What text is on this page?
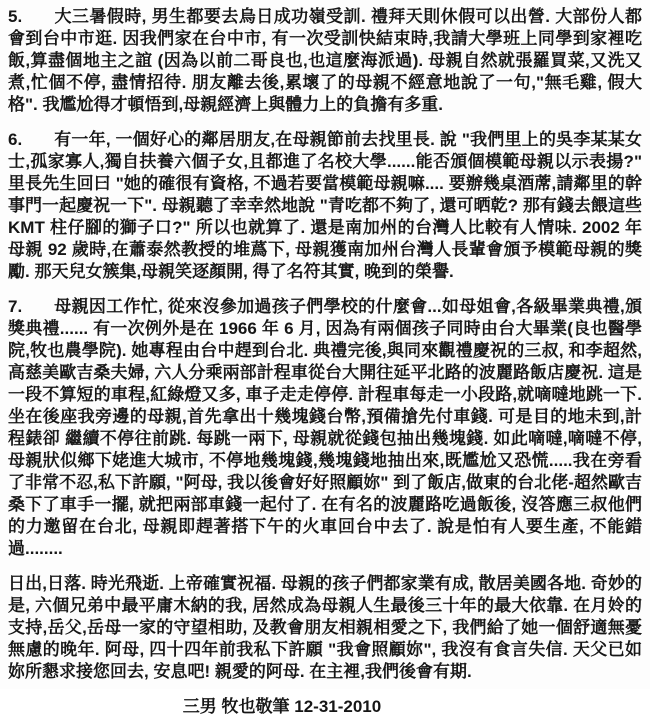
5. 大三暑假時, 男生都要去烏日成功嶺受訓. 禮拜天則休假可以出營. 大部份人都會到台中市逛. 因我們家在台中市, 有一次受訓快結束時,我請大學班上同學到家裡吃飯,算盡個地主之誼 (因為以前二哥良也,也這麼海派過). 母親自然就張羅買菜,又洗又煮,忙個不停, 盡情招待. 朋友離去後,累壞了的母親不經意地說了一句,"無毛雞, 假大格". 我尷尬得才頓悟到,母親經濟上與體力上的負擔有多重.
6. 有一年, 一個好心的鄰居朋友,在母親節前去找里長. 說 "我們里上的吳李某某女士,孤家寡人,獨自扶養六個子女,且都進了名校大學......能否頒個模範母親以示表揚?" 里長先生回曰 "她的確很有資格, 不過若要當模範母親嘛.... 要辦幾桌酒蓆,請鄰里的幹事門一起慶祝一下". 母親聽了幸幸然地說 "青吃都不夠了, 還可晒乾? 那有錢去餵這些KMT 柱仔腳的獅子口?" 所以也就算了. 還是南加州的台灣人比較有人情味. 2002 年母親 92 歲時,在蕭泰然教授的堆蔿下, 母親獲南加州台灣人長輩會頒予模範母親的獎勵. 那天兒女簇集,母親笑逐顏開, 得了名符其實, 晚到的榮譽.
7. 母親因工作忙, 從來沒參加過孩子們學校的什麼會...如母姐會,各級畢業典禮,頒獎典禮...... 有一次例外是在 1966 年 6 月, 因為有兩個孩子同時由台大畢業(良也醫學院,牧也農學院). 她專程由台中趕到台北. 典禮完後,與同來觀禮慶祝的三叔, 和李超然,高慈美歐吉桑夫婦, 六人分乘兩部計程車從台大開往延平北路的波麗路飯店慶祝. 這是一段不算短的車程,紅綠燈又多, 車子走走停停. 計程車每走一小段路,就嘀噠地跳一下. 坐在後座我旁邊的母親,首先拿出十幾塊錢台幣,預備搶先付車錢. 可是目的地未到,計程錶卻 繼續不停往前跳. 每跳一兩下, 母親就從錢包抽出幾塊錢. 如此嘀噠,嘀噠不停,母親狀似鄉下姥進大城市, 不停地幾塊錢,幾塊錢地抽出來,既尷尬又恐慌.....我在旁看了非常不忍,私下許願, "阿母, 我以後會好好照顧妳" 到了飯店,做東的台北佬-超然歐吉桑下了車手一擺, 就把兩部車錢一起付了. 在有名的波麗路吃過飯後, 沒答應三叔他們的力邀留在台北, 母親即趕著搭下午的火車回台中去了. 說是怕有人要生產, 不能錯過........
日出,日落. 時光飛逝. 上帝確實祝福. 母親的孩子們都家業有成, 散居美國各地. 奇妙的是, 六個兄弟中最平庸木納的我, 居然成為母親人生最後三十年的最大依靠. 在月姈的支持,岳父,岳母一家的守望相助, 及教會朋友相親相愛之下, 我們給了她一個舒適無憂無慮的晚年. 阿母, 四十四年前我私下許願 "我會照顧妳", 我沒有食言失信. 天父已如妳所懇求接您回去, 安息吧! 親愛的阿母. 在主裡,我們後會有期.
三男 牧也敬筆 12-31-2010
